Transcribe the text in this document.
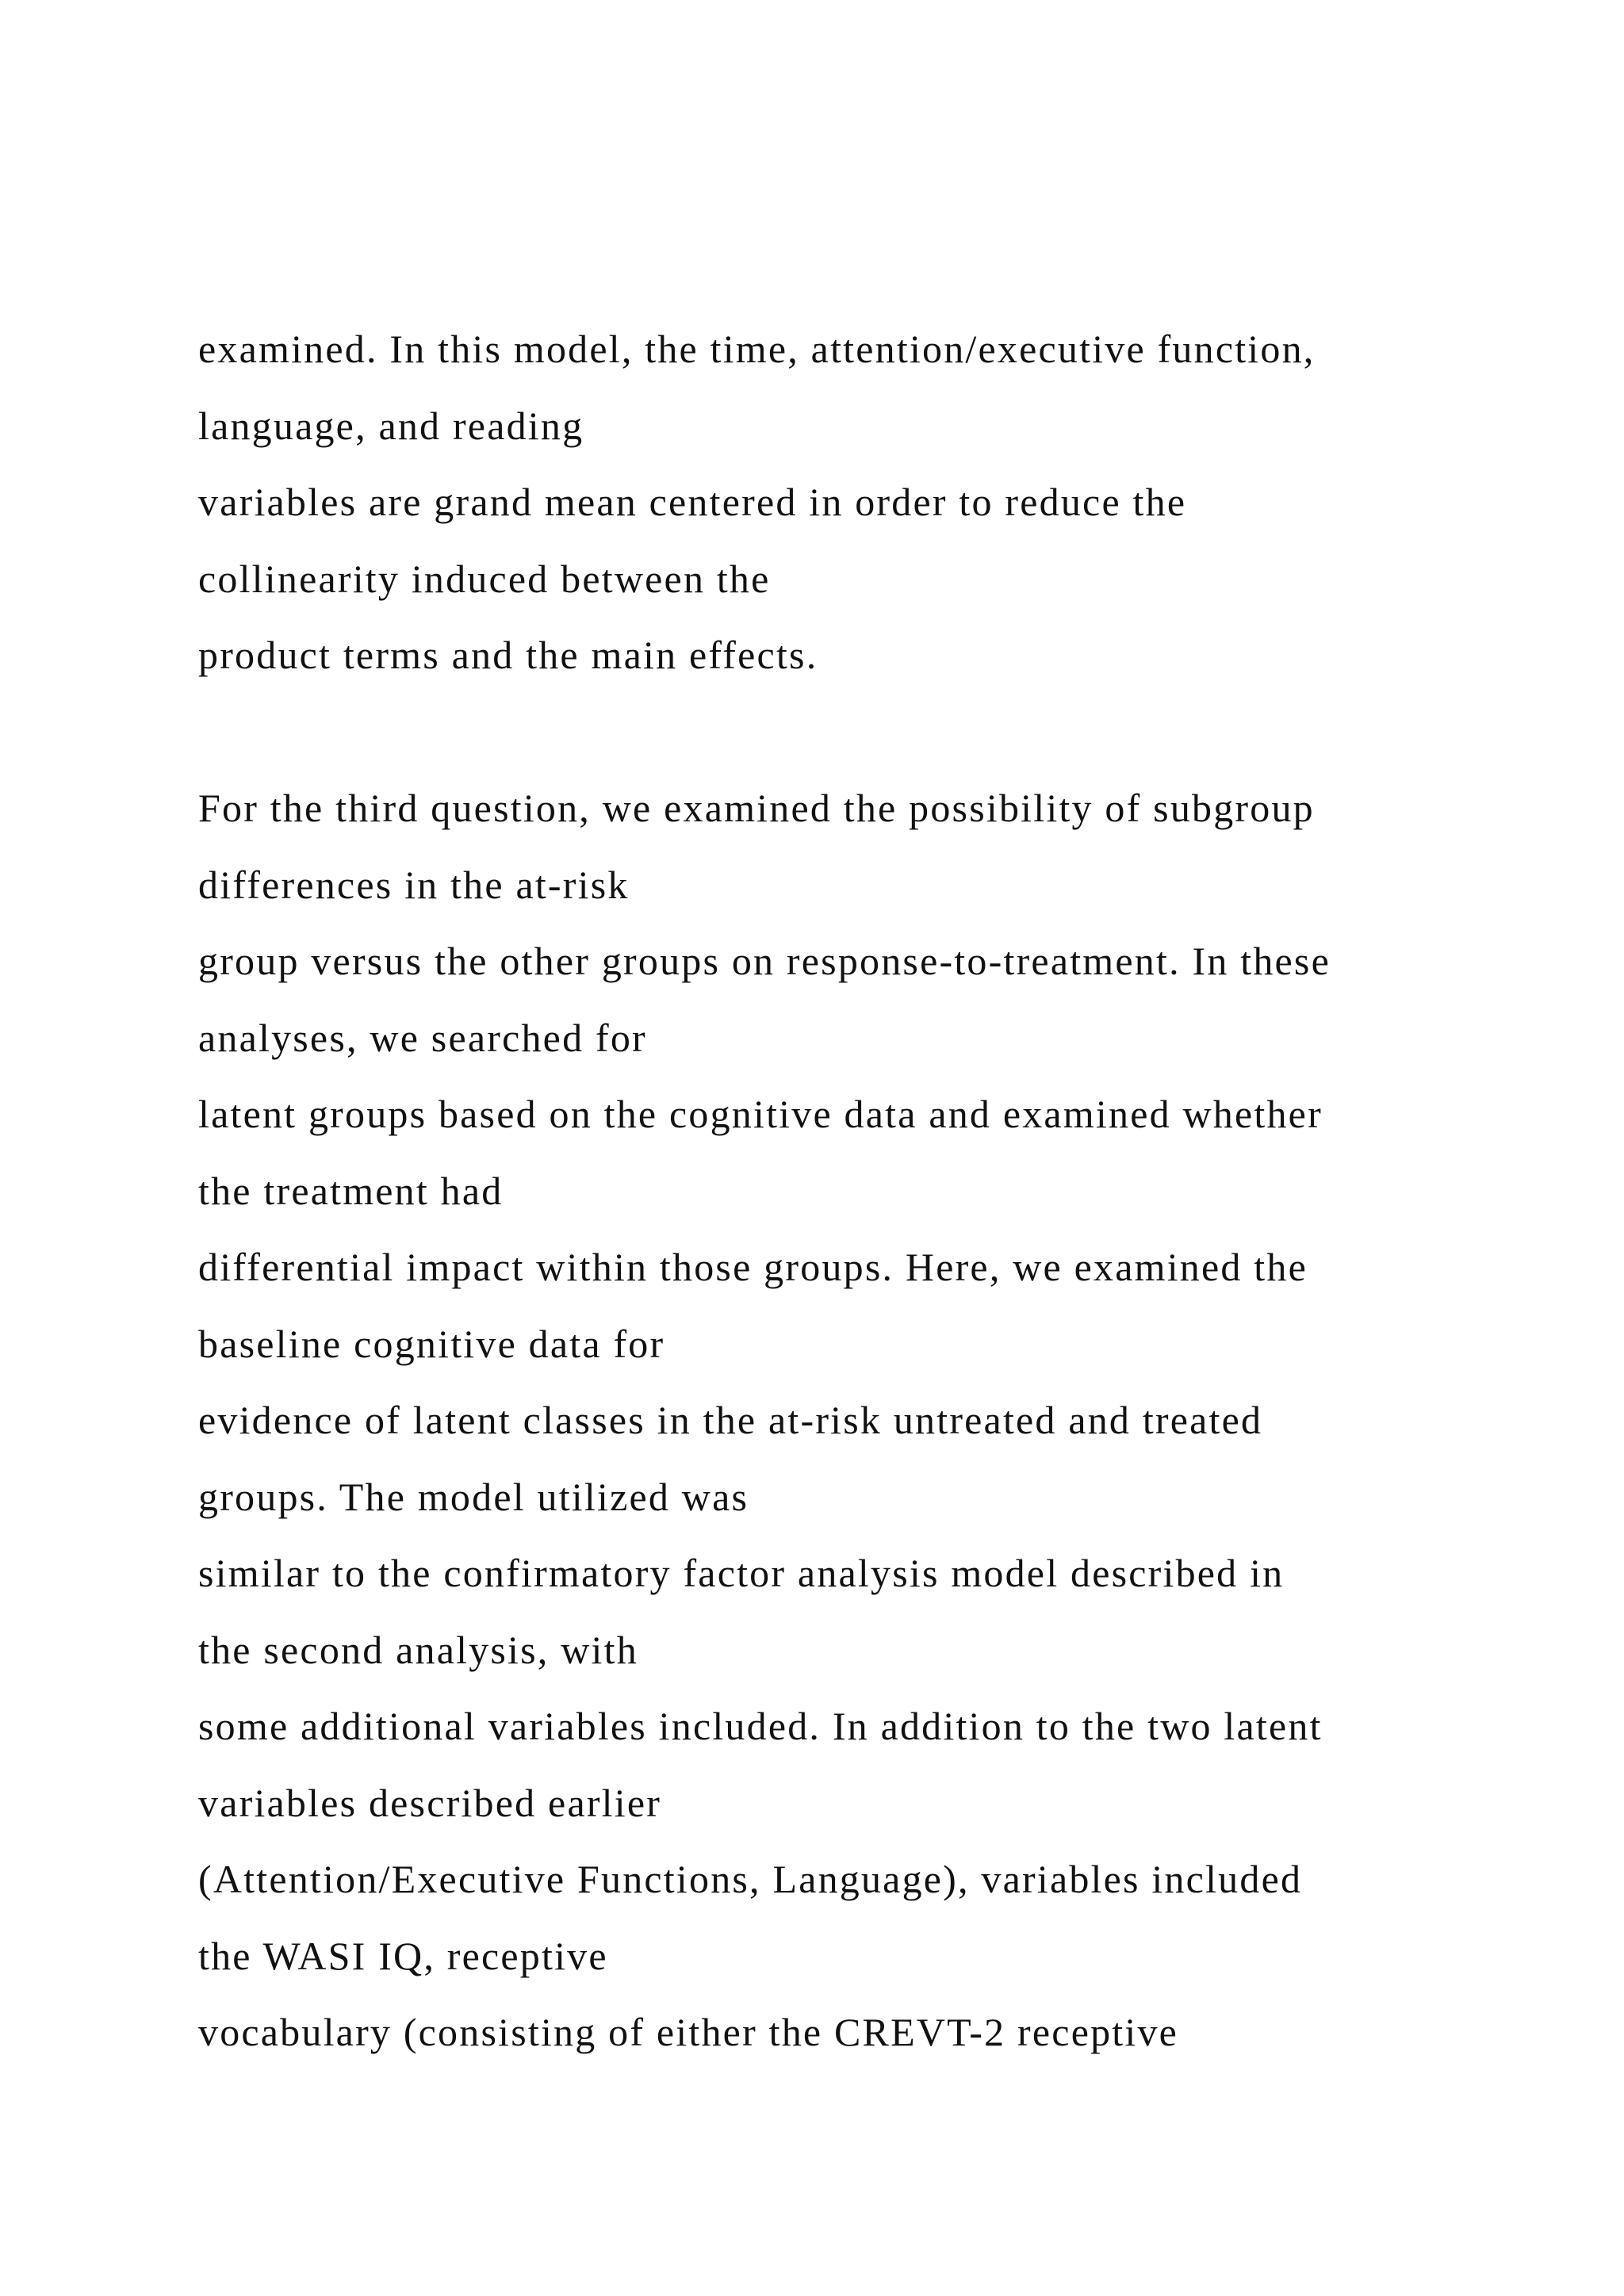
examined. In this model, the time, attention/executive function,
language, and reading
variables are grand mean centered in order to reduce the
collinearity induced between the
product terms and the main effects.
For the third question, we examined the possibility of subgroup
differences in the at-risk
group versus the other groups on response-to-treatment. In these
analyses, we searched for
latent groups based on the cognitive data and examined whether
the treatment had
differential impact within those groups. Here, we examined the
baseline cognitive data for
evidence of latent classes in the at-risk untreated and treated
groups. The model utilized was
similar to the confirmatory factor analysis model described in
the second analysis, with
some additional variables included. In addition to the two latent
variables described earlier
(Attention/Executive Functions, Language), variables included
the WASI IQ, receptive
vocabulary (consisting of either the CREVT-2 receptive
